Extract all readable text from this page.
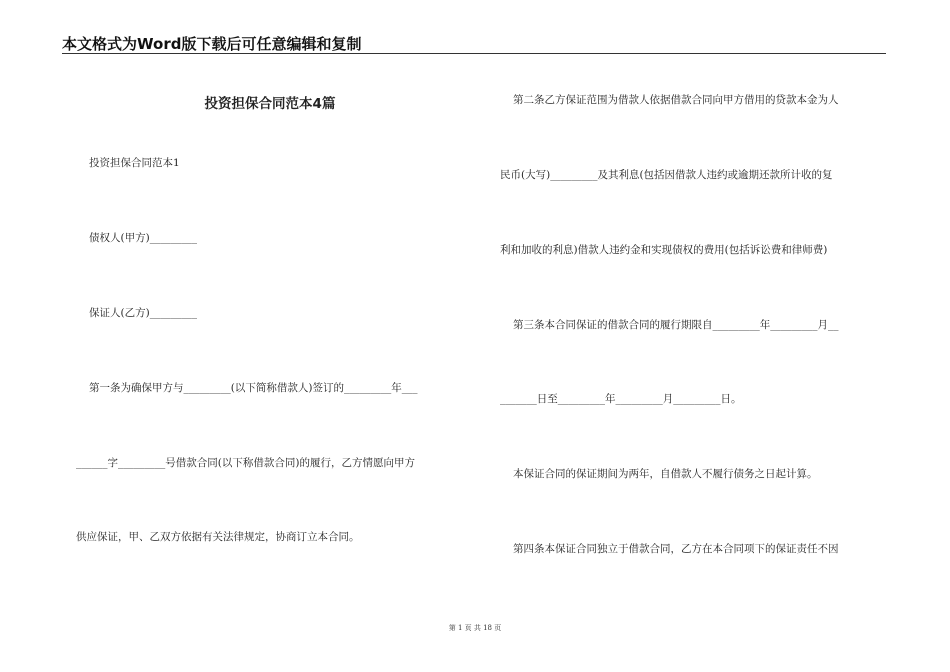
本文格式为Word版下载后可任意编辑和复制
投资担保合同范本4篇
投资担保合同范本1
债权人(甲方)_________
保证人(乙方)_________
第一条为确保甲方与_________(以下简称借款人)签订的_________年___
______字_________号借款合同(以下称借款合同)的履行，乙方情愿向甲方
供应保证，甲、乙双方依据有关法律规定，协商订立本合同。
第二条乙方保证范围为借款人依据借款合同向甲方借用的贷款本金为人
民币(大写)_________及其利息(包括因借款人违约或逾期还款所计收的复
利和加收的利息)借款人违约金和实现债权的费用(包括诉讼费和律师费)
第三条本合同保证的借款合同的履行期限自_________年_________月__
_______日至_________年_________月_________日。
本保证合同的保证期间为两年，自借款人不履行债务之日起计算。
第四条本保证合同独立于借款合同，乙方在本合同项下的保证责任不因
第 1 页 共 18 页
